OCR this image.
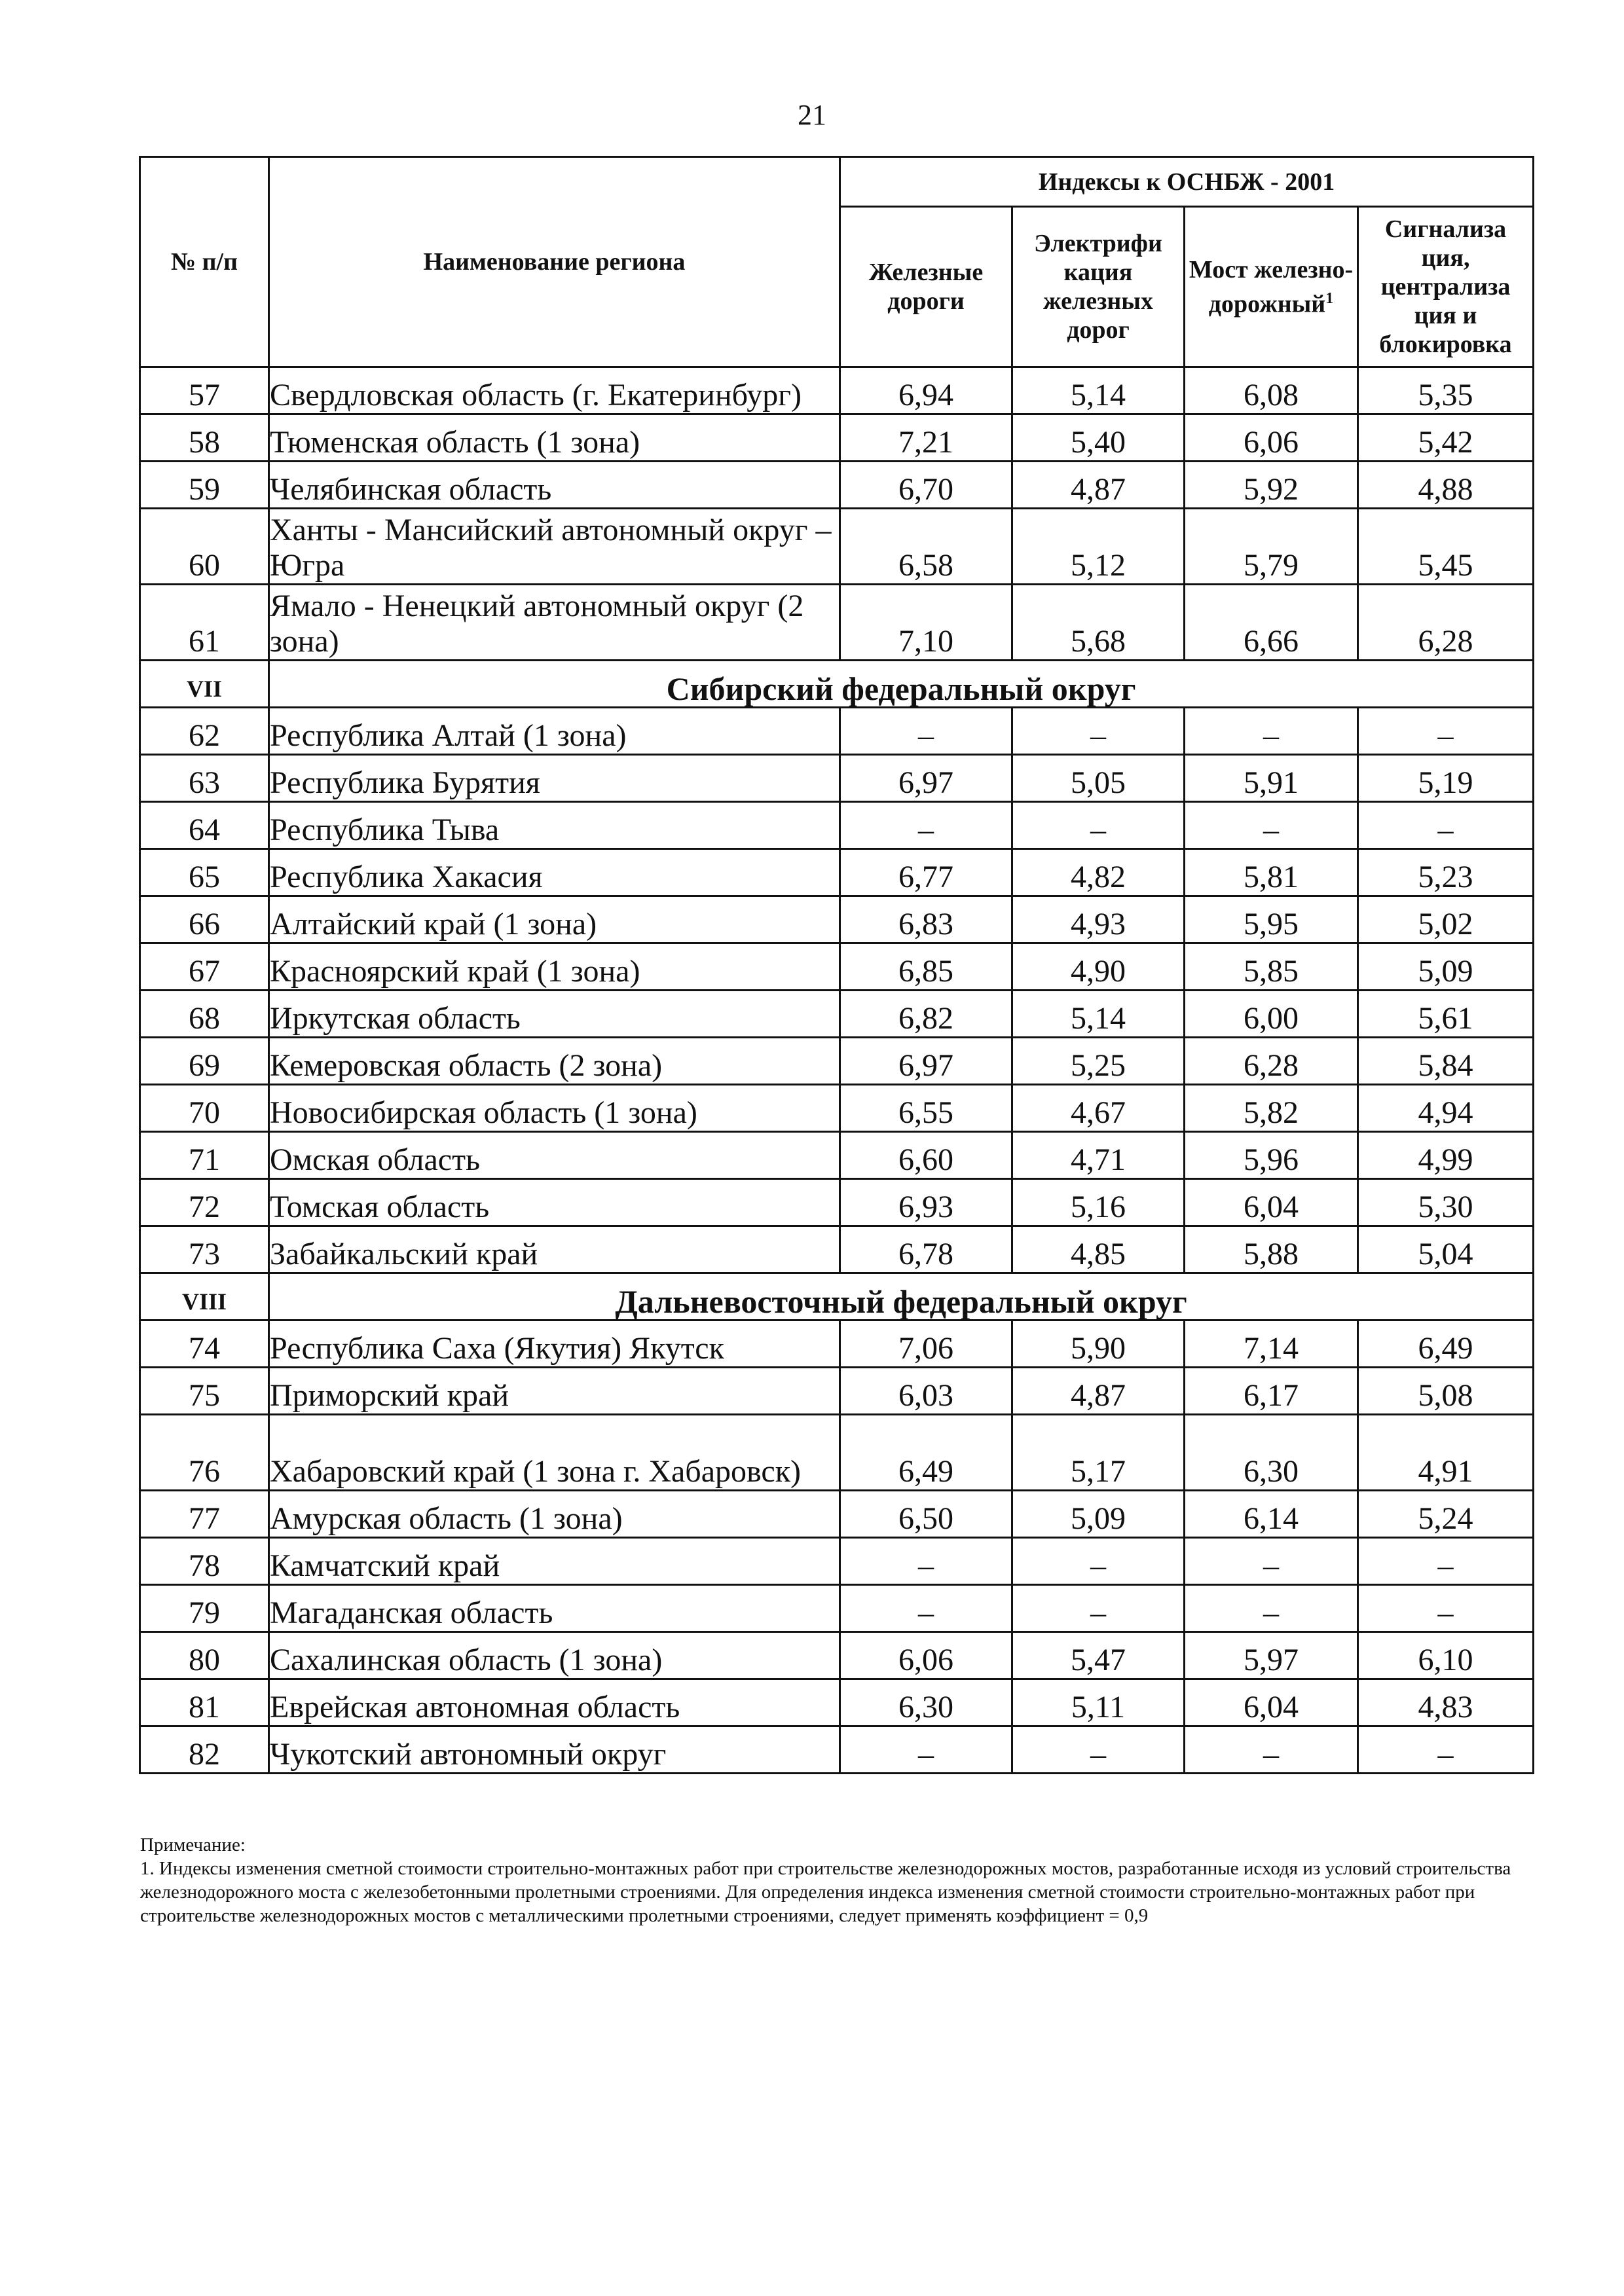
21
№ п/п	Наименование региона	Индексы к ОСНБЖ - 2001			
		Железные дороги	Электрифи кация железных дорог	Мост железно-дорожный$^1$	Сигнализа ция, централиза ция и блокировка
57	Свердловская область (г. Екатеринбург)	6,94	5,14	6,08	5,35
58	Тюменская область (1 зона)	7,21	5,40	6,06	5,42
59	Челябинская область	6,70	4,87	5,92	4,88
60	Ханты - Мансийский автономный округ – Югра	6,58	5,12	5,79	5,45
61	Ямало - Ненецкий автономный округ (2 зона)	7,10	5,68	6,66	6,28
VII	Сибирский федеральный округ				
62	Республика Алтай (1 зона)	–	–	–	–
63	Республика Бурятия	6,97	5,05	5,91	5,19
64	Республика Тыва	–	–	–	–
65	Республика Хакасия	6,77	4,82	5,81	5,23
66	Алтайский край (1 зона)	6,83	4,93	5,95	5,02
67	Красноярский край (1 зона)	6,85	4,90	5,85	5,09
68	Иркутская область	6,82	5,14	6,00	5,61
69	Кемеровская область (2 зона)	6,97	5,25	6,28	5,84
70	Новосибирская область (1 зона)	6,55	4,67	5,82	4,94
71	Омская область	6,60	4,71	5,96	4,99
72	Томская область	6,93	5,16	6,04	5,30
73	Забайкальский край	6,78	4,85	5,88	5,04
VIII	Дальневосточный федеральный округ				
74	Республика Саха (Якутия) Якутск	7,06	5,90	7,14	6,49
75	Приморский край	6,03	4,87	6,17	5,08
76	Хабаровский край (1 зона г. Хабаровск)	6,49	5,17	6,30	4,91
77	Амурская область (1 зона)	6,50	5,09	6,14	5,24
78	Камчатский край	–	–	–	–
79	Магаданская область	–	–	–	–
80	Сахалинская область (1 зона)	6,06	5,47	5,97	6,10
81	Еврейская автономная область	6,30	5,11	6,04	4,83
82	Чукотский автономный округ	–	–	–	–

Примечание:

1. Индексы изменения сметной стоимости строительно-монтажных работ при строительстве железнодорожных мостов, разработанные исходя из условий строительства железнодорожного моста с железобетонными пролетными строениями. Для определения индекса изменения сметной стоимости строительно-монтажных работ при строительстве железнодорожных мостов с металлическими пролетными строениями, следует применять коэффициент = 0,9
